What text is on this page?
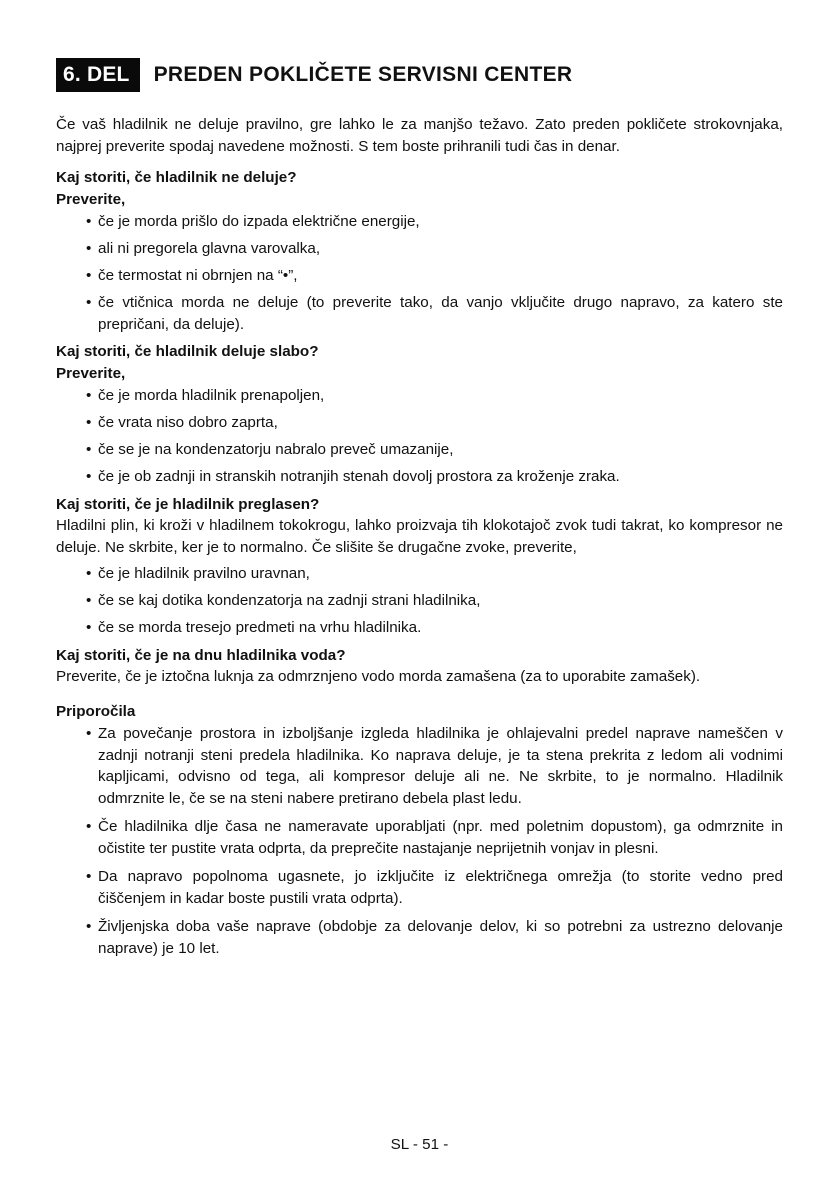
6. DEL	PREDEN POKLIČETE SERVISNI CENTER

Če vaš hladilnik ne deluje pravilno, gre lahko le za manjšo težavo. Zato preden pokličete strokovnjaka, najprej preverite spodaj navedene možnosti. S tem boste prihranili tudi čas in denar.

Kaj storiti, če hladilnik ne deluje?
Preverite,
• če je morda prišlo do izpada električne energije,
• ali ni pregorela glavna varovalka,
• če termostat ni obrnjen na “•”,
• če vtičnica morda ne deluje (to preverite tako, da vanjo vključite drugo napravo, za katero ste prepričani, da deluje).
Kaj storiti, če hladilnik deluje slabo?
Preverite,
• če je morda hladilnik prenapoljen,
• če vrata niso dobro zaprta,
• če se je na kondenzatorju nabralo preveč umazanije,
• če je ob zadnji in stranskih notranjih stenah dovolj prostora za kroženje zraka.
Kaj storiti, če je hladilnik preglasen?

Hladilni plin, ki kroži v hladilnem tokokrogu, lahko proizvaja tih klokotajoč zvok tudi takrat, ko kompresor ne deluje. Ne skrbite, ker je to normalno. Če slišite še drugačne zvoke, preverite,

• če je hladilnik pravilno uravnan,
• če se kaj dotika kondenzatorja na zadnji strani hladilnika,
• če se morda tresejo predmeti na vrhu hladilnika.
Kaj storiti, če je na dnu hladilnika voda?

Preverite, če je iztočna luknja za odmrznjeno vodo morda zamašena (za to uporabite zamašek).

Priporočila
• Za povečanje prostora in izboljšanje izgleda hladilnika je ohlajevalni predel naprave nameščen v zadnji notranji steni predela hladilnika. Ko naprava deluje, je ta stena prekrita z ledom ali vodnimi kapljicami, odvisno od tega, ali kompresor deluje ali ne. Ne skrbite, to je normalno. Hladilnik odmrznite le, če se na steni nabere pretirano debela plast ledu.
• Če hladilnika dlje časa ne nameravate uporabljati (npr. med poletnim dopustom), ga odmrznite in očistite ter pustite vrata odprta, da preprečite nastajanje neprijetnih vonjav in plesni.
• Da napravo popolnoma ugasnete, jo izključite iz električnega omrežja (to storite vedno pred čiščenjem in kadar boste pustili vrata odprta).
• Življenjska doba vaše naprave (obdobje za delovanje delov, ki so potrebni za ustrezno delovanje naprave) je 10 let.
SL - 51 -
